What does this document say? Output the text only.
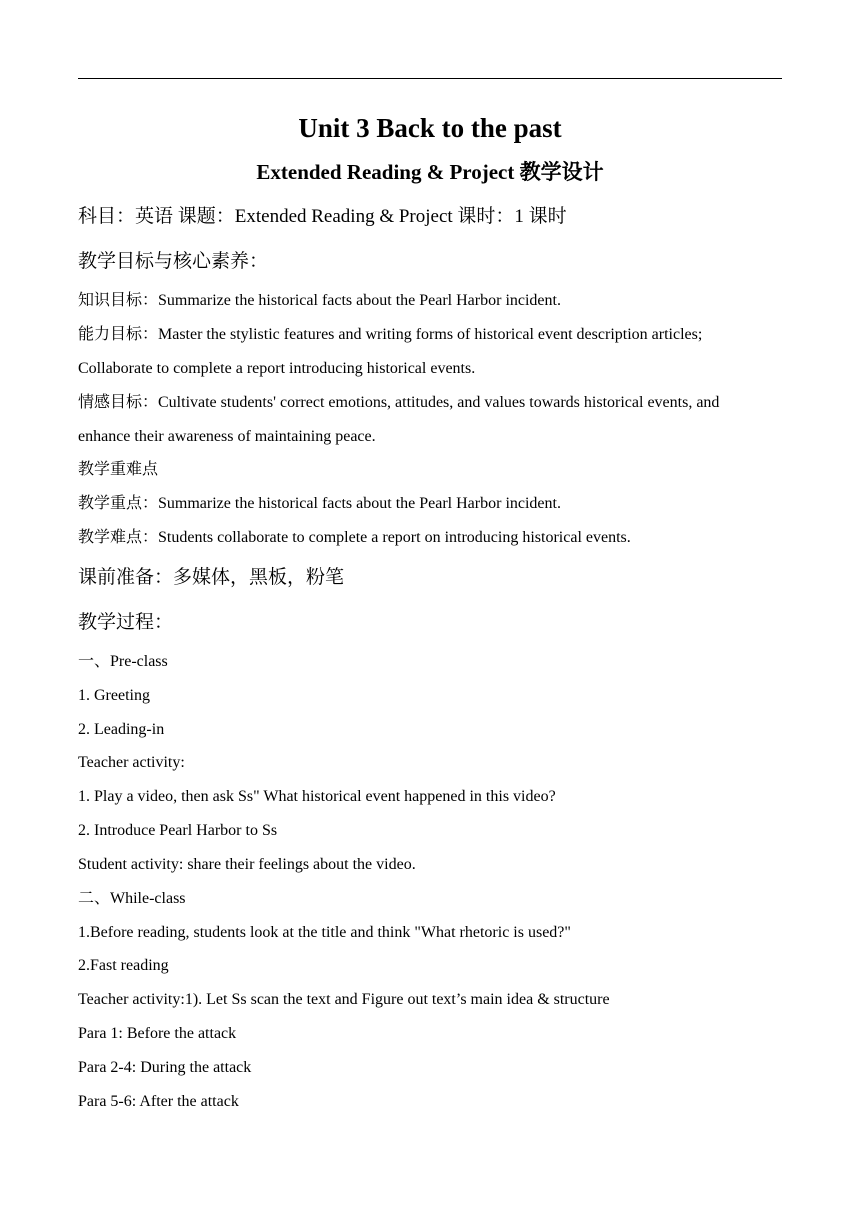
Unit 3 Back to the past
Extended Reading & Project 教学设计
科目：英语 课题：Extended Reading & Project 课时：1 课时
教学目标与核心素养：
知识目标：Summarize the historical facts about the Pearl Harbor incident.
能力目标：Master the stylistic features and writing forms of historical event description articles;
Collaborate to complete a report introducing historical events.
情感目标：Cultivate students' correct emotions, attitudes, and values towards historical events, and
enhance their awareness of maintaining peace.
教学重难点
教学重点：Summarize the historical facts about the Pearl Harbor incident.
教学难点：Students collaborate to complete a report on introducing historical events.
课前准备：多媒体，黑板，粉笔
教学过程：
一、Pre-class
1. Greeting
2. Leading-in
Teacher activity:
1. Play a video, then ask Ss" What historical event happened in this video?
2. Introduce Pearl Harbor to Ss
Student activity: share their feelings about the video.
二、While-class
1.Before reading, students look at the title and think "What rhetoric is used?"
2.Fast reading
Teacher activity:1). Let Ss scan the text and Figure out text’s main idea & structure
Para 1: Before the attack
Para 2-4: During the attack
Para 5-6: After the attack
